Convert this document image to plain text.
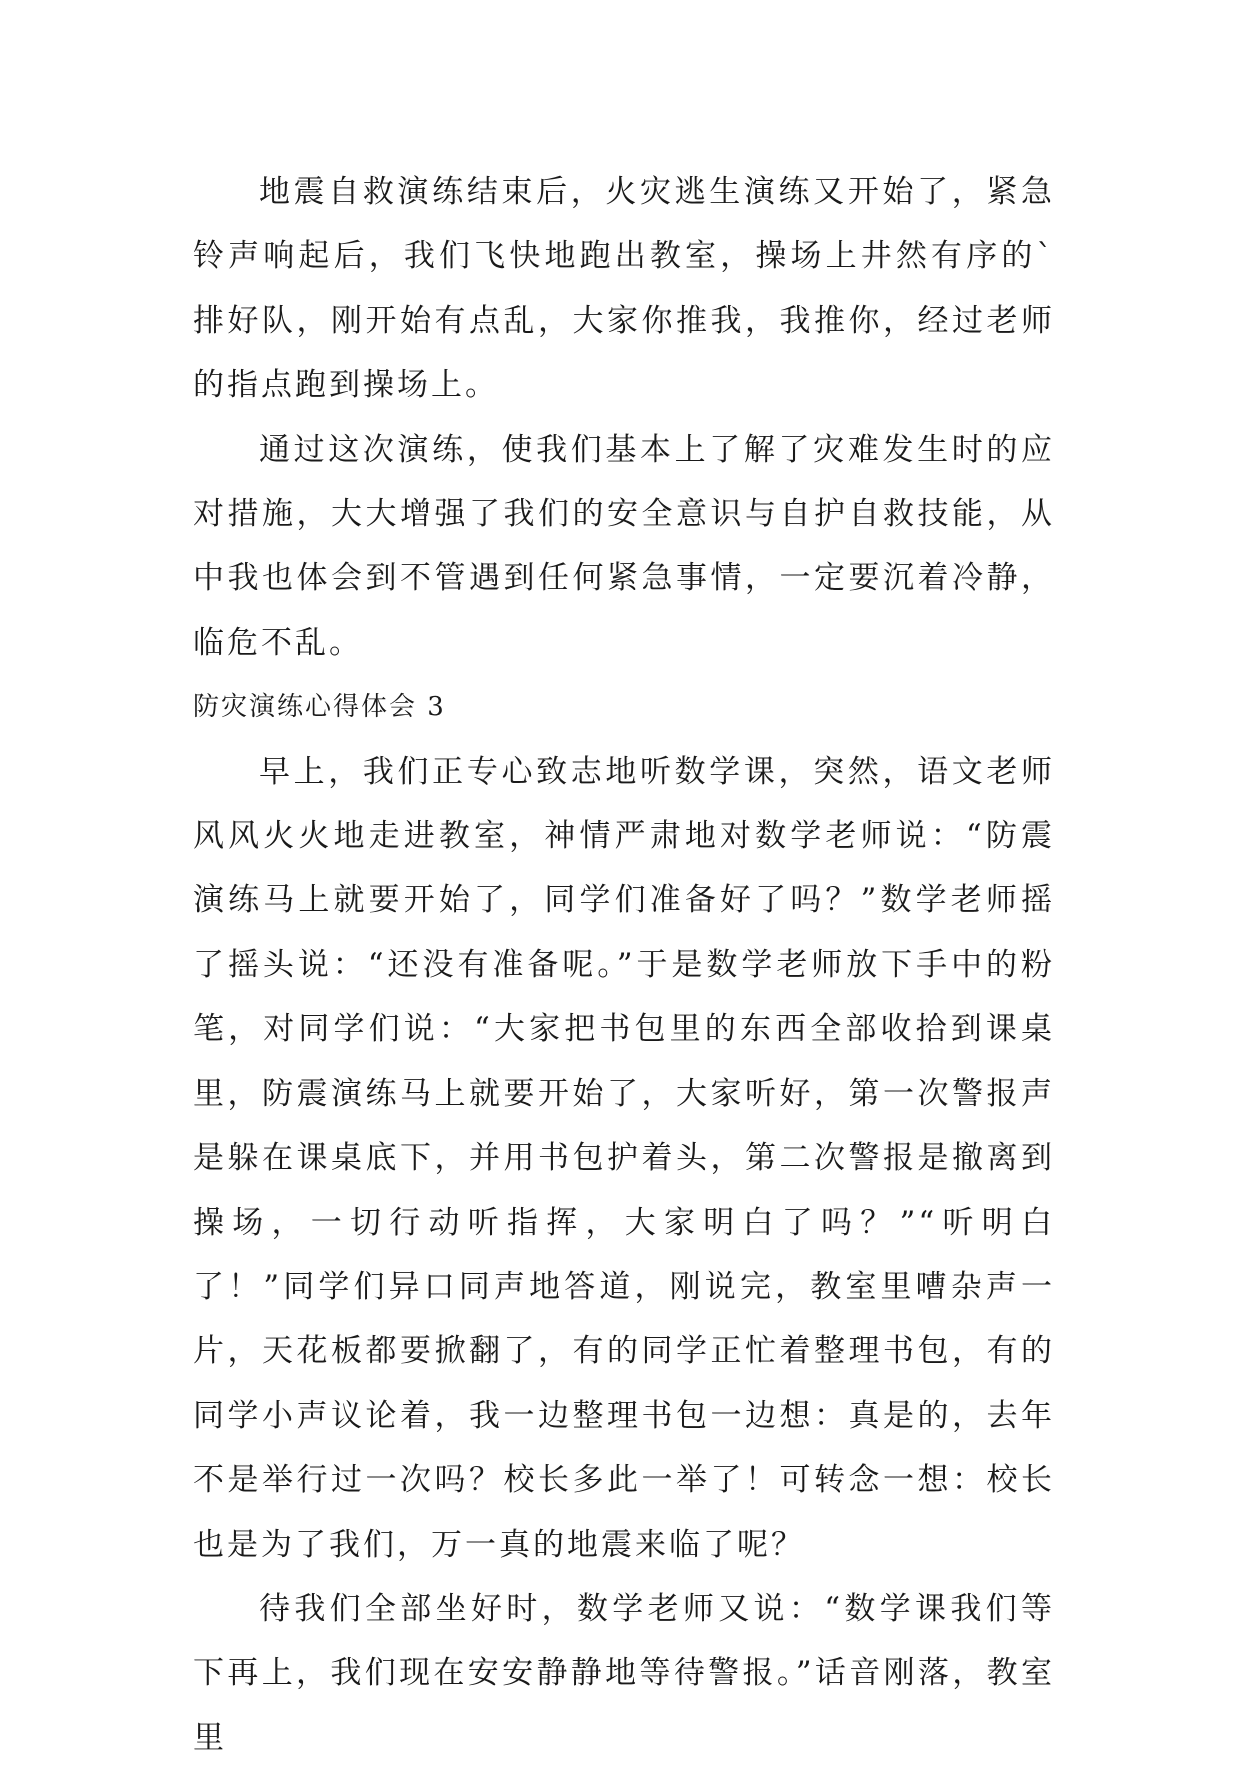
地震自救演练结束后，火灾逃生演练又开始了，紧急铃声响起后，我们飞快地跑出教室，操场上井然有序的`排好队，刚开始有点乱，大家你推我，我推你，经过老师的指点跑到操场上。

通过这次演练，使我们基本上了解了灾难发生时的应对措施，大大增强了我们的安全意识与自护自救技能，从中我也体会到不管遇到任何紧急事情，一定要沉着冷静，临危不乱。

防灾演练心得体会 3

早上，我们正专心致志地听数学课，突然，语文老师风风火火地走进教室，神情严肃地对数学老师说：“防震演练马上就要开始了，同学们准备好了吗？”数学老师摇了摇头说：“还没有准备呢。”于是数学老师放下手中的粉笔，对同学们说：“大家把书包里的东西全部收拾到课桌里，防震演练马上就要开始了，大家听好，第一次警报声是躲在课桌底下，并用书包护着头，第二次警报是撤离到操场，一切行动听指挥，大家明白了吗？”“听明白了！”同学们异口同声地答道，刚说完，教室里嘈杂声一片，天花板都要掀翻了，有的同学正忙着整理书包，有的同学小声议论着，我一边整理书包一边想：真是的，去年不是举行过一次吗？校长多此一举了！可转念一想：校长也是为了我们，万一真的地震来临了呢？

待我们全部坐好时，数学老师又说：“数学课我们等下再上，我们现在安安静静地等待警报。”话音刚落，教室里
